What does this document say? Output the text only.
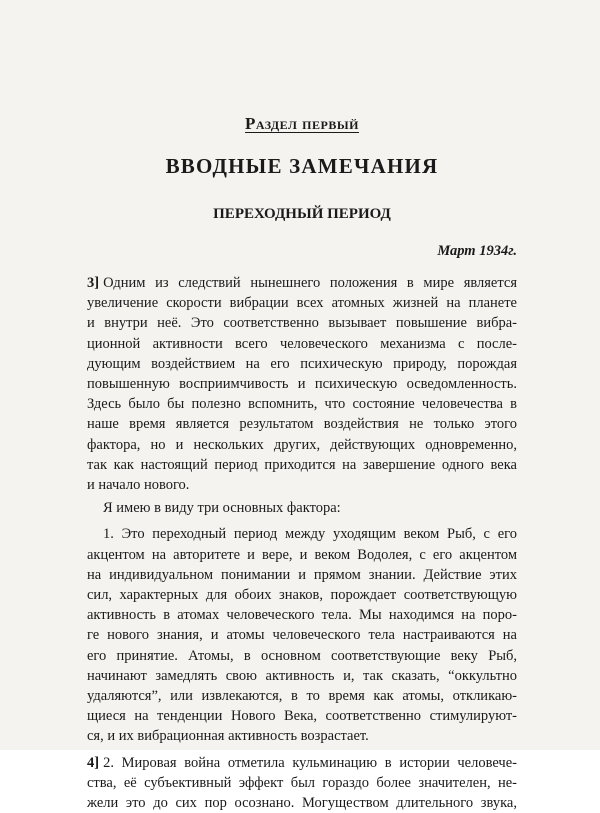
Раздел первый
ВВОДНЫЕ ЗАМЕЧАНИЯ
ПЕРЕХОДНЫЙ ПЕРИОД
Март 1934г.
3] Одним из следствий нынешнего положения в мире является
увеличение скорости вибрации всех атомных жизней на планете
и внутри неё. Это соответственно вызывает повышение вибра-
ционной активности всего человеческого механизма с после-
дующим воздействием на его психическую природу, порождая
повышенную восприимчивость и психическую осведомленность.
Здесь было бы полезно вспомнить, что состояние человечества в
наше время является результатом воздействия не только этого
фактора, но и нескольких других, действующих одновременно,
так как настоящий период приходится на завершение одного века
и начало нового.
Я имею в виду три основных фактора:
1. Это переходный период между уходящим веком Рыб, с его
акцентом на авторитете и вере, и веком Водолея, с его акцентом
на индивидуальном понимании и прямом знании. Действие этих
сил, характерных для обоих знаков, порождает соответствующую
активность в атомах человеческого тела. Мы находимся на поро-
ге нового знания, и атомы человеческого тела настраиваются на
его принятие. Атомы, в основном соответствующие веку Рыб,
начинают замедлять свою активность и, так сказать, “оккультно
удаляются”, или извлекаются, в то время как атомы, откликаю-
щиеся на тенденции Нового Века, соответственно стимулируют-
ся, и их вибрационная активность возрастает.
4] 2. Мировая война отметила кульминацию в истории человече-
ства, её субъективный эффект был гораздо более значителен, не-
жели это до сих пор осознано. Могуществом длительного звука,
